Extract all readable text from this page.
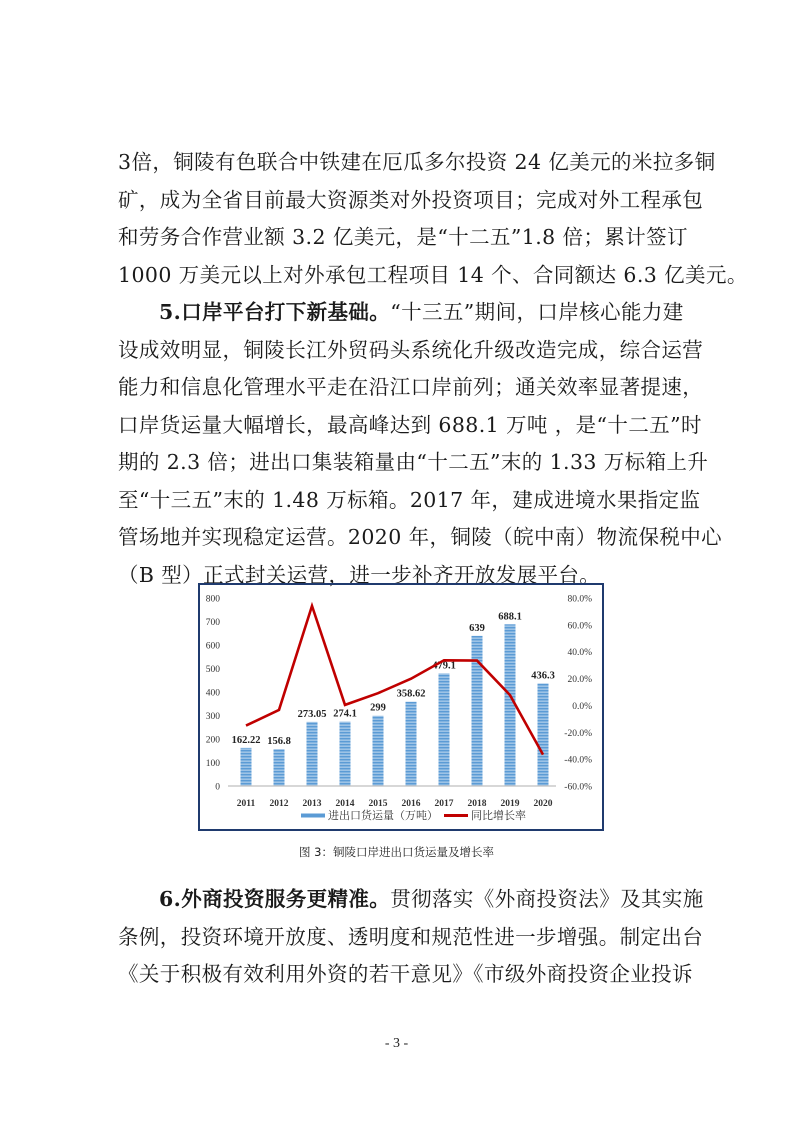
3倍，铜陵有色联合中铁建在厄瓜多尔投资 24 亿美元的米拉多铜
矿，成为全省目前最大资源类对外投资项目；完成对外工程承包
和劳务合作营业额 3.2 亿美元，是“十二五”1.8 倍；累计签订
1000 万美元以上对外承包工程项目 14 个、合同额达 6.3 亿美元。
5.口岸平台打下新基础。“十三五”期间，口岸核心能力建
设成效明显，铜陵长江外贸码头系统化升级改造完成，综合运营
能力和信息化管理水平走在沿江口岸前列；通关效率显著提速，
口岸货运量大幅增长，最高峰达到 688.1 万吨 ，是“十二五”时
期的 2.3 倍；进出口集装箱量由“十二五”末的 1.33 万标箱上升
至“十三五”末的 1.48 万标箱。2017 年，建成进境水果指定监
管场地并实现稳定运营。2020 年，铜陵（皖中南）物流保税中心
（B 型）正式封关运营，进一步补齐开放发展平台。
0
100
200
300
400
500
600
700
800
-60.0%
-40.0%
-20.0%
0.0%
20.0%
40.0%
60.0%
80.0%
162.22 156.8
273.05 274.1
299
358.62
479.1
639
688.1
436.3
2011 2012 2013 2014 2015 2016 2017 2018 2019 2020
进出口货运量（万吨）	同比增长率
图 3：铜陵口岸进出口货运量及增长率
6.外商投资服务更精准。贯彻落实《外商投资法》及其实施
条例，投资环境开放度、透明度和规范性进一步增强。制定出台
《关于积极有效利用外资的若干意见》《市级外商投资企业投诉
- 3 -
